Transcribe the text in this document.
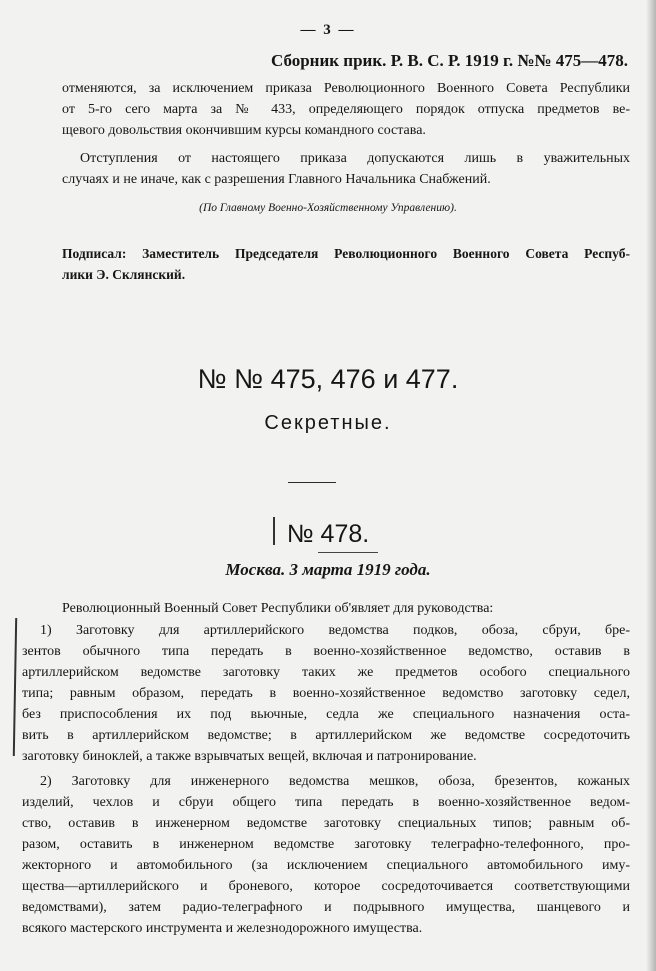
— 3 —
Сборник прик. Р. В. С. Р. 1919 г. №№ 475—478.
отменяются, за исключением приказа Революционного Военного Совета Республики
от 5-го сего марта за № 433, определяющего порядок отпуска предметов ве-
щевого довольствия окончившим курсы командного состава.
Отступления от настоящего приказа допускаются лишь в уважительных
случаях и не иначе, как с разрешения Главного Начальника Снабжений.
(По Главному Военно-Хозяйственному Управлению).
Подписал: Заместитель Председателя Революционного Военного Совета Респуб-
лики Э. Склянский.
№ № 475, 476 и 477.
Секретные.
№ 478.
Москва. 3 марта 1919 года.
Революционный Военный Совет Республики об'являет для руководства:
1) Заготовку для артиллерийского ведомства подков, обоза, сбруи, бре-
зентов обычного типа передать в военно-хозяйственное ведомство, оставив в
артиллерийском ведомстве заготовку таких же предметов особого специального
типа; равным образом, передать в военно-хозяйственное ведомство заготовку седел,
без приспособления их под вьючные, седла же специального назначения остa-
вить в артиллерийском ведомстве; в артиллерийском же ведомстве сосредоточить
заготовку биноклей, а также взрывчатых вещей, включая и патронирование.
2) Заготовку для инженерного ведомства мешков, обоза, брезентов, кожаных
изделий, чехлов и сбруи общего типа передать в военно-хозяйственное ведом-
ство, оставив в инженерном ведомстве заготовку специальных типов; равным об-
разом, оставить в инженерном ведомстве заготовку телеграфно-телефонного, про-
жекторного и автомобильного (за исключением специального автомобильного иму-
щества—артиллерийского и броневого, которое сосредоточивается соответствующими
ведомствами), затем радио-телеграфного и подрывного имущества, шанцевого и
всякого мастерского инструмента и железнодорожного имущества.
